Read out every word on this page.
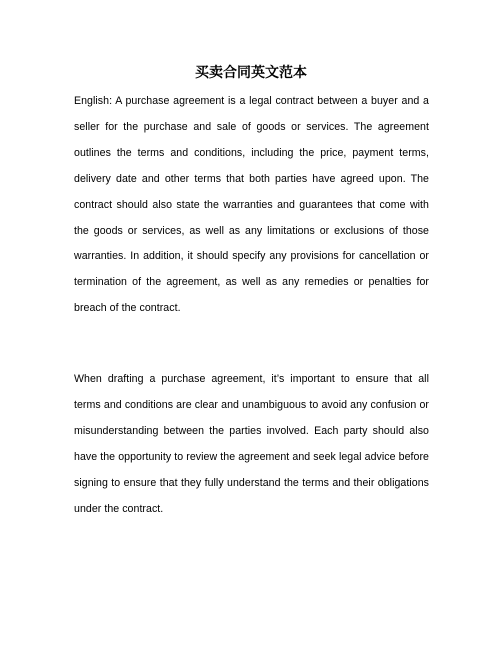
买卖合同英文范本

English: A purchase agreement is a legal contract between a buyer and a seller for the purchase and sale of goods or services. The agreement outlines the terms and conditions, including the price, payment terms, delivery date and other terms that both parties have agreed upon. The contract should also state the warranties and guarantees that come with the goods or services, as well as any limitations or exclusions of those warranties. In addition, it should specify any provisions for cancellation or termination of the agreement, as well as any remedies or penalties for breach of the contract.

When drafting a purchase agreement, it’s important to ensure that all terms and conditions are clear and unambiguous to avoid any confusion or misunderstanding between the parties involved. Each party should also have the opportunity to review the agreement and seek legal advice before signing to ensure that they fully understand the terms and their obligations under the contract.
